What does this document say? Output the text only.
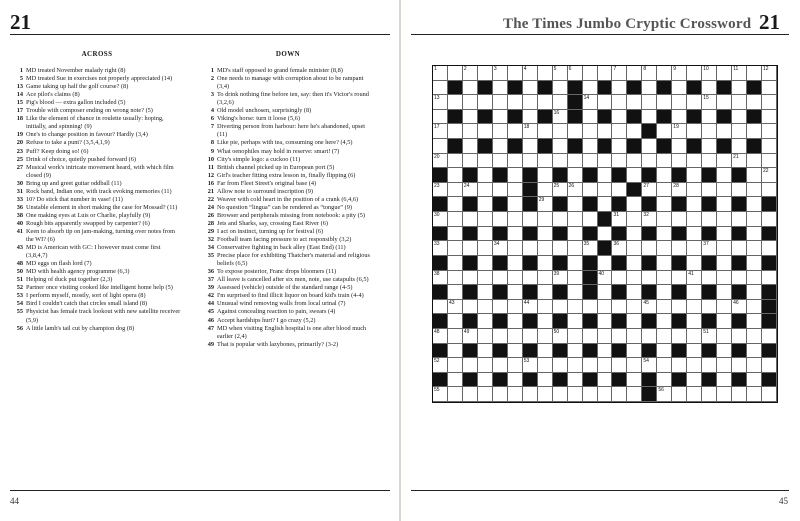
21
ACROSS
1 MD treated November malady right (8)
5 MD treated Sue in exercises not properly appreciated (14)
13 Game taking up half the golf course? (8)
14 Ace pilot's claims (8)
15 Pig's blood — extra gallon included (5)
17 Trouble with composer ending on wrong note? (5)
18 Like the element of chance in roulette usually: hoping, initially, and spinning! (9)
19 One's to change position in favour? Hardly (3,4)
20 Refuse to take a punt? (3,5,4,1,9)
23 Puff? Keep doing so! (6)
25 Drink of choice, quietly pushed forward (6)
27 Musical work's intricate movement heard, with which film closed (9)
30 Bring up and greet guitar oddball (11)
31 Rock band, Indian one, with track evoking memories (11)
33 10? Do stick that number in vase! (11)
36 Unstable element in short making the case for Mossad? (11)
38 One making eyes at Luis or Charlie, playfully (9)
40 Rough bits apparently swapped by carpenter? (6)
41 Keen to absorb tip on jam-making, turning over notes from the WI? (6)
43 MD is American with GC: I however must come first (3,8,4,7)
48 MD eggs on flash lord (7)
50 MD with health agency programme (6,3)
51 Helping of duck put together (2,3)
52 Partner once visiting cooked like intelligent home help (5)
53 I perform myself, mostly, sort of light opera (8)
54 Bird I couldn't catch that circles small island (8)
55 Physicist has female track lookout with new satellite receiver (5,9)
56 A little lamb's tail cut by champion dog (8)
DOWN
1 MD's staff opposed to grand female minister (8,8)
2 One needs to manage with corruption about to be rampant (3,4)
3 To drink nothing fine before ten, say: then it's Victor's round (3,2,6)
4 Old model unchosen, surprisingly (8)
6 Viking's horse: turn it loose (5,6)
7 Diverting person from harbour: here he's abandoned, upset (11)
8 Like pie, perhaps with tea, consuming one here? (4,5)
9 What oenophiles may hold in reserve: smart! (7)
10 City's simple logo: a cuckoo (11)
11 British channel picked up in European port (5)
12 Girl's teacher fitting extra lesson in, finally flipping (6)
16 Far from Fleet Street's original base (4)
21 Allow note to surround inscription (9)
22 Weaver with cold heart in the position of a crank (6,4,6)
24 No question “lingua” can be rendered as “tongue” (9)
26 Browser and peripherals missing from notebook: a pity (5)
28 Jets and Sharks, say, crossing East River (6)
29 I act on instinct, turning up for festival (6)
32 Football team facing pressure to act responsibly (3,2)
34 Conservative fighting in back alley (East End) (11)
35 Precise place for exhibiting Thatcher's material and religious beliefs (6,5)
36 To expose posterior, Franc drops bloomers (11)
37 All leave is cancelled after six men, note, use catapults (6,5)
39 Assessed (vehicle) outside of the standard range (4-5)
42 I'm surprised to find illicit liquor on board kid's train (4-4)
44 Unusual wind removing walls from local urinal (7)
45 Against concealing reaction to pain, swears (4)
46 Accept hardships hurt? I go crazy (5,2)
47 MD when visiting English hospital is one after blood much earlier (2,4)
49 That is popular with lazybones, primarily? (3-2)
44
The Times Jumbo Cryptic Crossword 21
1	2	3	4	5 6	7	8	9	10	11	12
13	14	15
16
17	18	19
20	21
22
23	24	25 26	27	28
29
30	31	32
33	34	35	36	37
38	39	40	41
42
43	44	45	46
47
48	49	50	51
52	53	54
55	56
45
